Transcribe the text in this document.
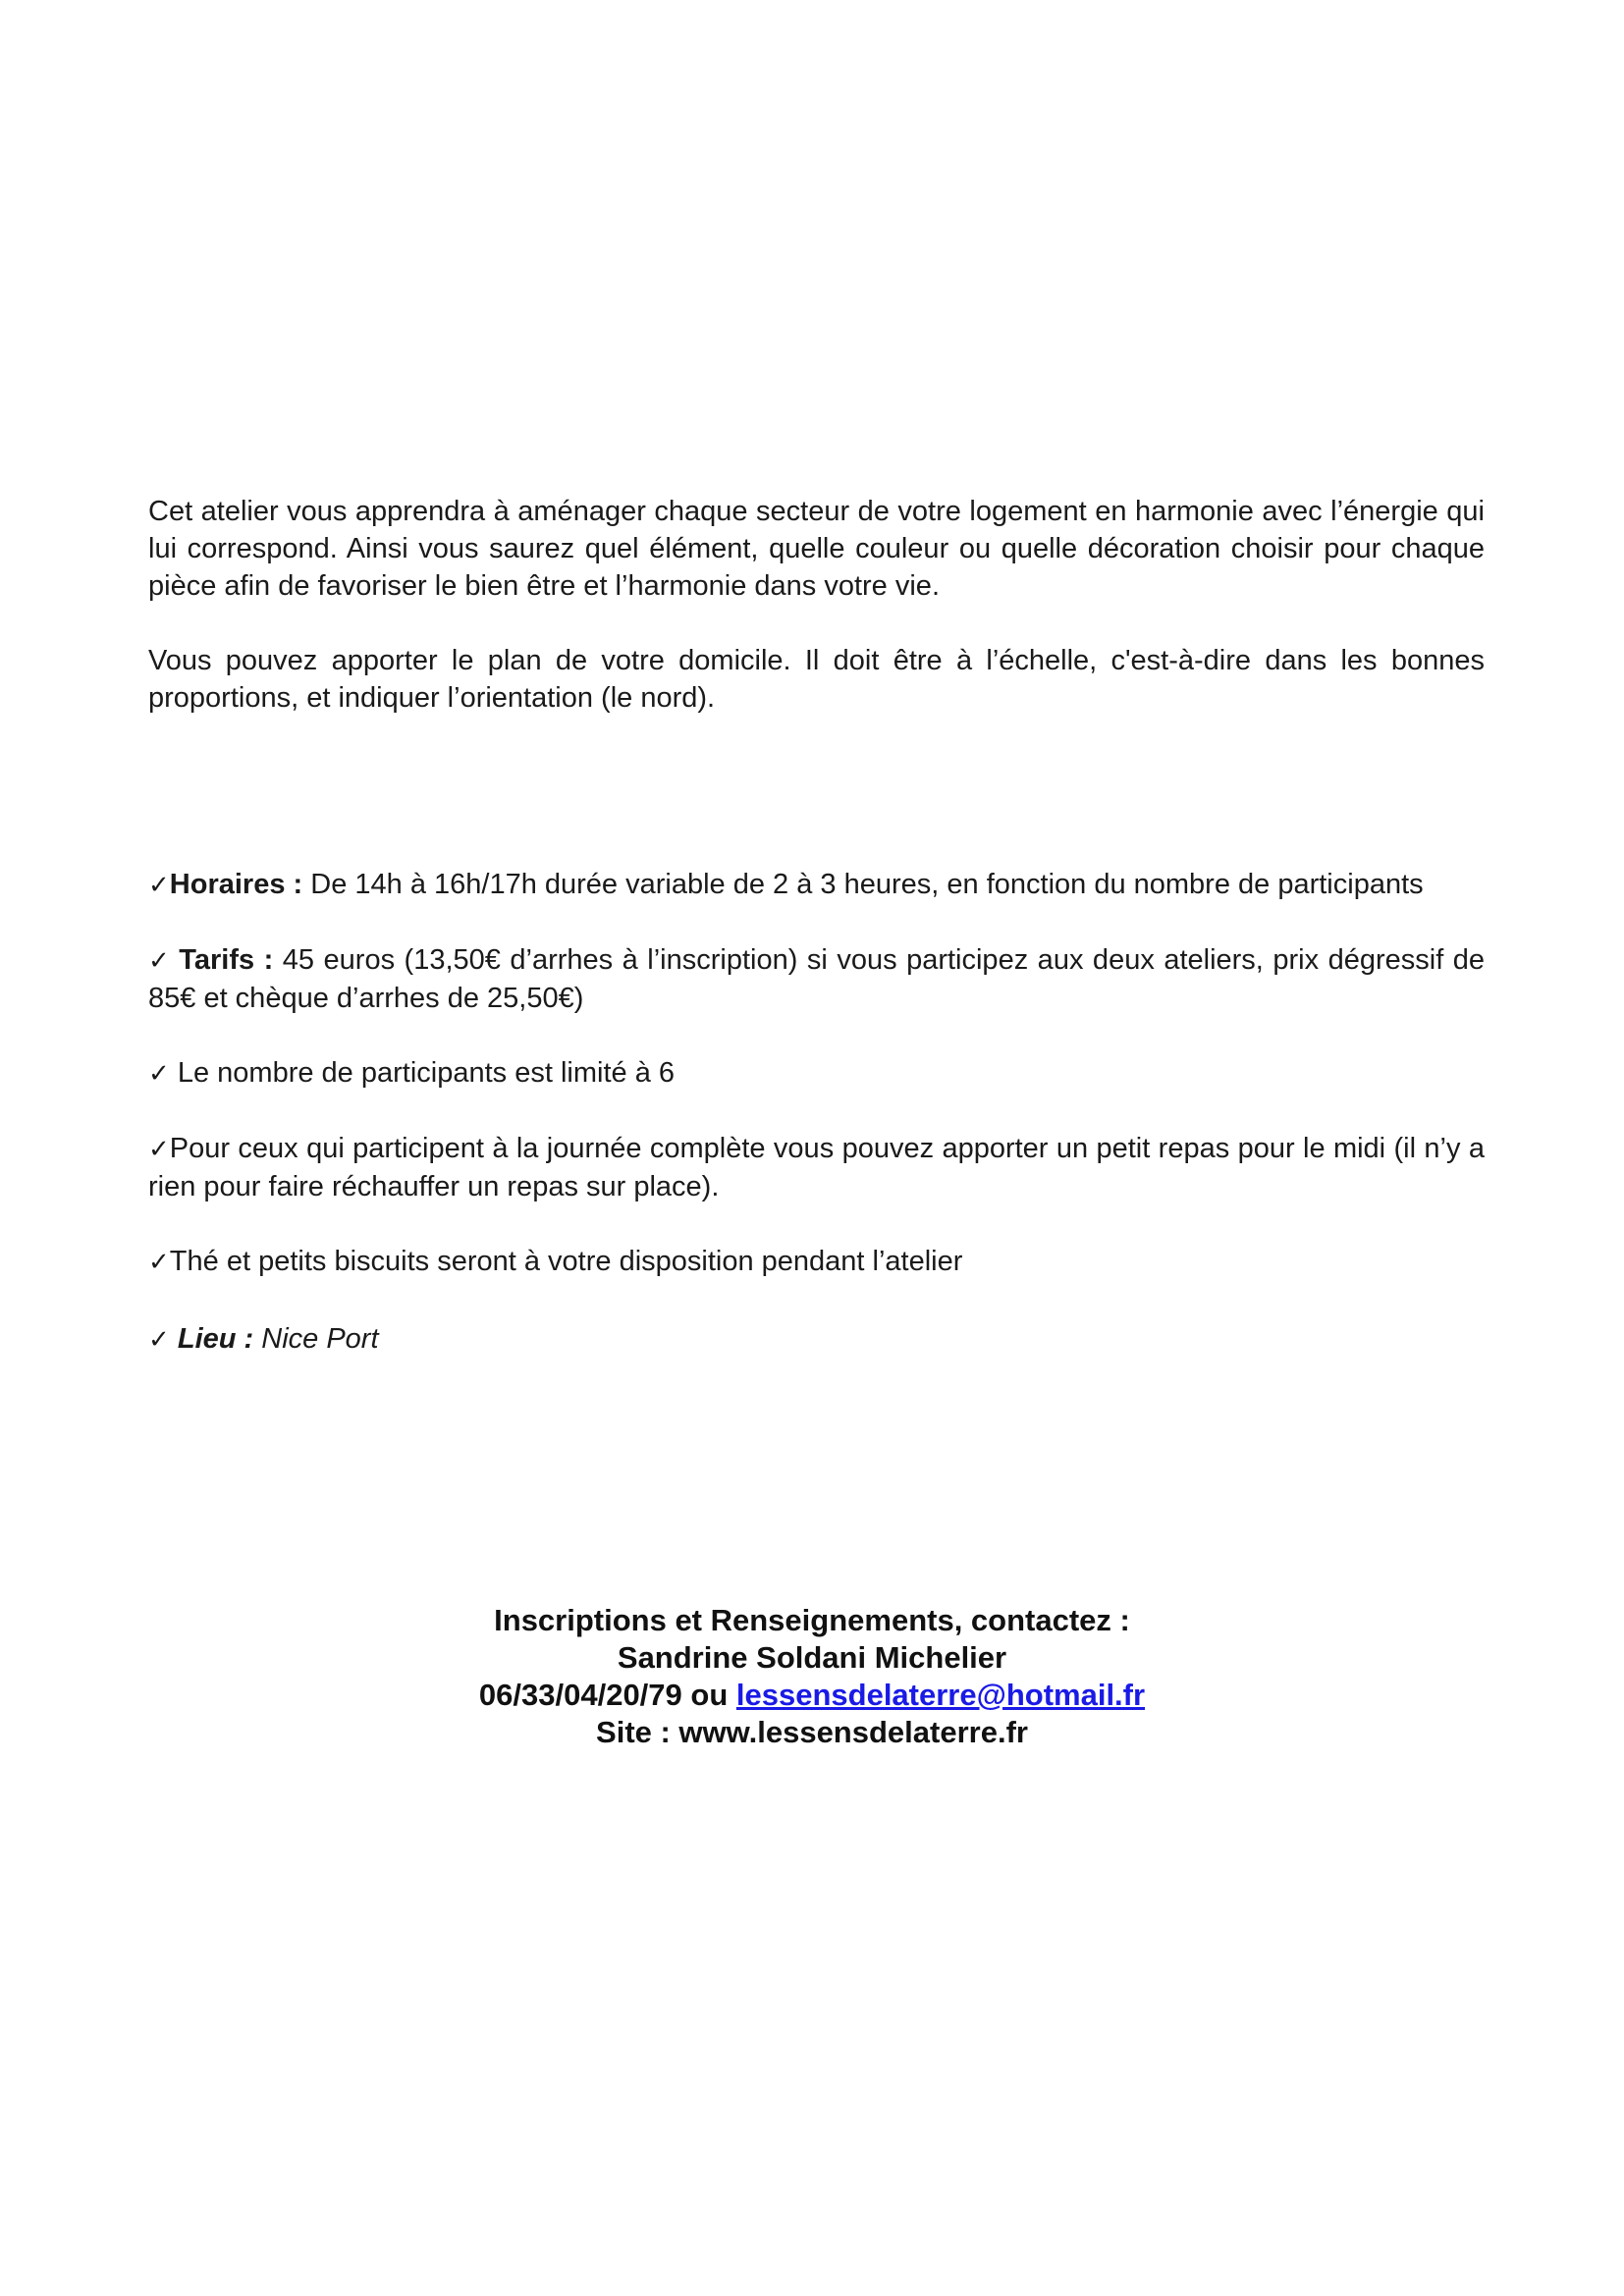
Cet atelier vous apprendra à aménager chaque secteur de votre logement en harmonie avec l’énergie qui lui correspond. Ainsi vous saurez quel élément, quelle couleur ou quelle décoration choisir pour chaque pièce afin de favoriser le bien être et l’harmonie dans votre vie.

Vous pouvez apporter le plan de votre domicile. Il doit être à l’échelle, c'est-à-dire dans les bonnes proportions, et indiquer l’orientation (le nord).

✓Horaires : De 14h à 16h/17h durée variable de 2 à 3 heures, en fonction du nombre de participants

✓ Tarifs : 45 euros (13,50€ d’arrhes à l’inscription) si vous participez aux deux ateliers, prix dégressif de 85€ et chèque d’arrhes de 25,50€)

✓ Le nombre de participants est limité à 6

✓Pour ceux qui participent à la journée complète vous pouvez apporter un petit repas pour le midi (il n’y a rien pour faire réchauffer un repas sur place).

✓Thé et petits biscuits seront à votre disposition pendant l’atelier

✓ Lieu : Nice Port

Inscriptions et Renseignements, contactez :

Sandrine Soldani Michelier

06/33/04/20/79 ou lessensdelaterre@hotmail.fr

Site : www.lessensdelaterre.fr
